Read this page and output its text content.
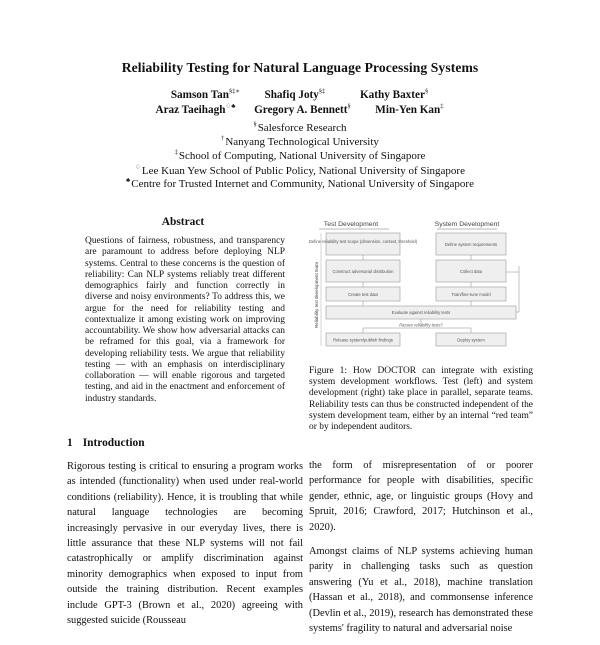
Reliability Testing for Natural Language Processing Systems
Samson Tan§‡∗ Shafiq Joty§‡	Kathy Baxter§
Araz Taeihagh♢♣ Gregory A. Bennett§ Min-Yen Kan‡
§Salesforce Research
†Nanyang Technological University
‡School of Computing, National University of Singapore
♢Lee Kuan Yew School of Public Policy, National University of Singapore
♣Centre for Trusted Internet and Community, National University of Singapore
Abstract

Questions of fairness, robustness, and transparency are paramount to address before deploying NLP systems. Central to these concerns is the question of reliability: Can NLP systems reliably treat different demographics fairly and function correctly in diverse and noisy environments? To address this, we argue for the need for reliability testing and contextualize it among existing work on improving accountability. We show how adversarial attacks can be reframed for this goal, via a framework for developing reliability tests. We argue that reliability testing — with an emphasis on interdisciplinary collaboration — will enable rigorous and targeted testing, and aid in the enactment and enforcement of industry standards.

Test Development	System Development
Reliability test development team
Define reliability test scope (dimension, context, threshold)
Construct adversarial distribution
Create test data
Define system requirements
Collect data
Train/fine-tune model
Evaluate against reliability tests
Passes reliability tests?
Release system/publish findings	Deploy system

Figure 1: How DOCTOR can integrate with existing system development workflows. Test (left) and system development (right) take place in parallel, separate teams. Reliability tests can thus be constructed independent of the system development team, either by an internal “red team” or by independent auditors.

1 Introduction

Rigorous testing is critical to ensuring a program works as intended (functionality) when used under real-world conditions (reliability). Hence, it is troubling that while natural language technologies are becoming increasingly pervasive in our everyday lives, there is little assurance that these NLP systems will not fail catastrophically or amplify discrimination against minority demographics when exposed to input from outside the training distribution. Recent examples include GPT-3 (Brown et al., 2020) agreeing with suggested suicide (Rousseau

the form of misrepresentation of or poorer performance for people with disabilities, specific gender, ethnic, age, or linguistic groups (Hovy and Spruit, 2016; Crawford, 2017; Hutchinson et al., 2020).

Amongst claims of NLP systems achieving human parity in challenging tasks such as question answering (Yu et al., 2018), machine translation (Hassan et al., 2018), and commonsense inference (Devlin et al., 2019), research has demonstrated these systems' fragility to natural and adversarial noise
